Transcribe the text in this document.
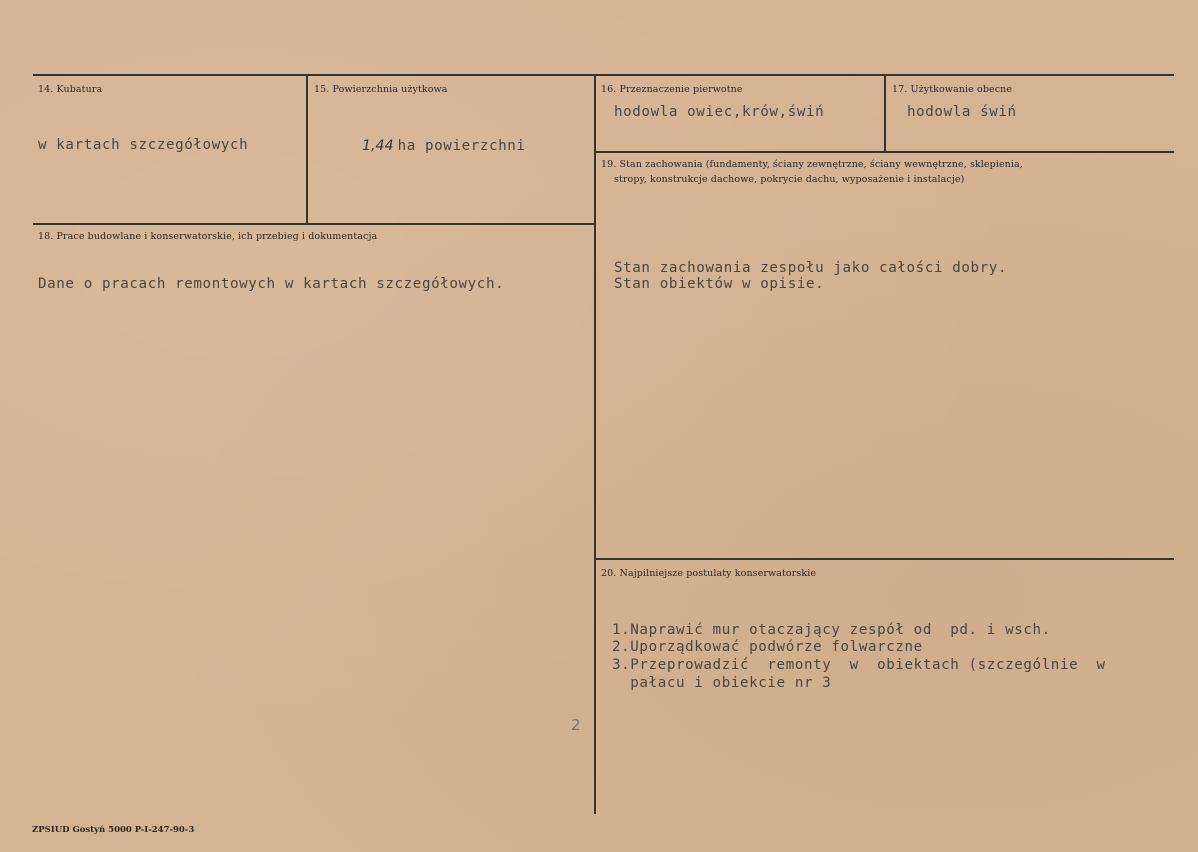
14. Kubatura
w kartach szczegółowych
15. Powierzchnia użytkowa
1,44 ha powierzchni
16. Przeznaczenie pierwotne
hodowla owiec,krów,świń
17. Użytkowanie obecne
hodowla świń
19. Stan zachowania (fundamenty, ściany zewnętrzne, ściany wewnętrzne, sklepienia,
stropy, konstrukcje dachowe, pokrycie dachu, wyposażenie i instalacje)
Stan zachowania zespołu jako całości dobry.
Stan obiektów w opisie.
18. Prace budowlane i konserwatorskie, ich przebieg i dokumentacja
Dane o pracach remontowych w kartach szczegółowych.
20. Najpilniejsze postulaty konserwatorskie
1.Naprawić mur otaczający zespół od  pd. i wsch.
2.Uporządkować podwórze folwarczne
3.Przeprowadzić  remonty  w  obiektach (szczególnie  w
pałacu i obiekcie nr 3
2
ZPSIUD Gostyń 5000 P-I-247-90-3
